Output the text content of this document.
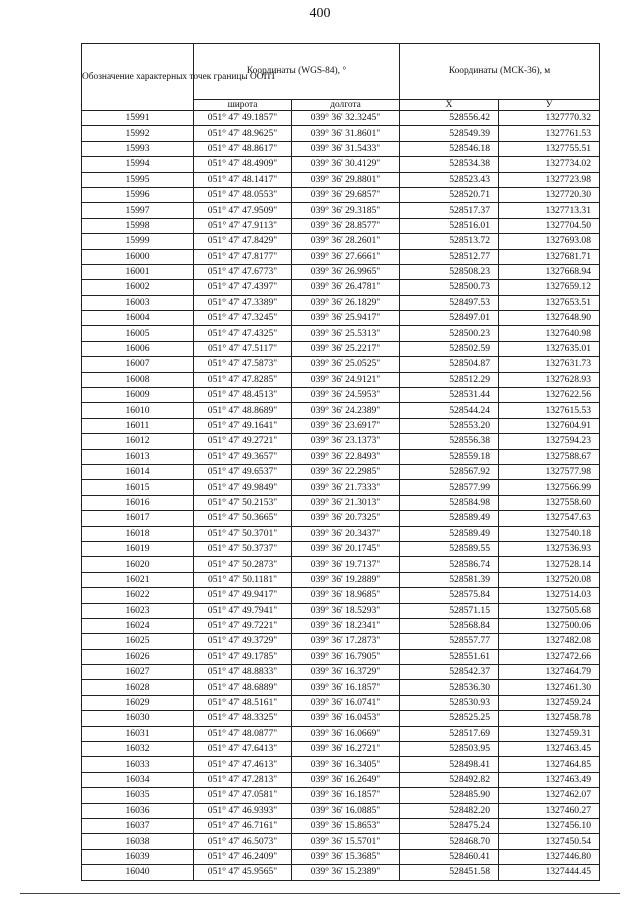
400
Обозначение характерных точек границы ООПТ	Координаты (WGS-84), °		Координаты (МСК-36), м	
	широта	долгота	X	У
15991	051° 47' 49.1857"	039° 36' 32.3245"	528556.42	1327770.32
15992	051° 47' 48.9625"	039° 36' 31.8601"	528549.39	1327761.53
15993	051° 47' 48.8617"	039° 36' 31.5433"	528546.18	1327755.51
15994	051° 47' 48.4909"	039° 36' 30.4129"	528534.38	1327734.02
15995	051° 47' 48.1417"	039° 36' 29.8801"	528523.43	1327723.98
15996	051° 47' 48.0553"	039° 36' 29.6857"	528520.71	1327720.30
15997	051° 47' 47.9509"	039° 36' 29.3185"	528517.37	1327713.31
15998	051° 47' 47.9113"	039° 36' 28.8577"	528516.01	1327704.50
15999	051° 47' 47.8429"	039° 36' 28.2601"	528513.72	1327693.08
16000	051° 47' 47.8177"	039° 36' 27.6661"	528512.77	1327681.71
16001	051° 47' 47.6773"	039° 36' 26.9965"	528508.23	1327668.94
16002	051° 47' 47.4397"	039° 36' 26.4781"	528500.73	1327659.12
16003	051° 47' 47.3389"	039° 36' 26.1829"	528497.53	1327653.51
16004	051° 47' 47.3245"	039° 36' 25.9417"	528497.01	1327648.90
16005	051° 47' 47.4325"	039° 36' 25.5313"	528500.23	1327640.98
16006	051° 47' 47.5117"	039° 36' 25.2217"	528502.59	1327635.01
16007	051° 47' 47.5873"	039° 36' 25.0525"	528504.87	1327631.73
16008	051° 47' 47.8285"	039° 36' 24.9121"	528512.29	1327628.93
16009	051° 47' 48.4513"	039° 36' 24.5953"	528531.44	1327622.56
16010	051° 47' 48.8689"	039° 36' 24.2389"	528544.24	1327615.53
16011	051° 47' 49.1641"	039° 36' 23.6917"	528553.20	1327604.91
16012	051° 47' 49.2721"	039° 36' 23.1373"	528556.38	1327594.23
16013	051° 47' 49.3657"	039° 36' 22.8493"	528559.18	1327588.67
16014	051° 47' 49.6537"	039° 36' 22.2985"	528567.92	1327577.98
16015	051° 47' 49.9849"	039° 36' 21.7333"	528577.99	1327566.99
16016	051° 47' 50.2153"	039° 36' 21.3013"	528584.98	1327558.60
16017	051° 47' 50.3665"	039° 36' 20.7325"	528589.49	1327547.63
16018	051° 47' 50.3701"	039° 36' 20.3437"	528589.49	1327540.18
16019	051° 47' 50.3737"	039° 36' 20.1745"	528589.55	1327536.93
16020	051° 47' 50.2873"	039° 36' 19.7137"	528586.74	1327528.14
16021	051° 47' 50.1181"	039° 36' 19.2889"	528581.39	1327520.08
16022	051° 47' 49.9417"	039° 36' 18.9685"	528575.84	1327514.03
16023	051° 47' 49.7941"	039° 36' 18.5293"	528571.15	1327505.68
16024	051° 47' 49.7221"	039° 36' 18.2341"	528568.84	1327500.06
16025	051° 47' 49.3729"	039° 36' 17.2873"	528557.77	1327482.08
16026	051° 47' 49.1785"	039° 36' 16.7905"	528551.61	1327472.66
16027	051° 47' 48.8833"	039° 36' 16.3729"	528542.37	1327464.79
16028	051° 47' 48.6889"	039° 36' 16.1857"	528536.30	1327461.30
16029	051° 47' 48.5161"	039° 36' 16.0741"	528530.93	1327459.24
16030	051° 47' 48.3325"	039° 36' 16.0453"	528525.25	1327458.78
16031	051° 47' 48.0877"	039° 36' 16.0669"	528517.69	1327459.31
16032	051° 47' 47.6413"	039° 36' 16.2721"	528503.95	1327463.45
16033	051° 47' 47.4613"	039° 36' 16.3405"	528498.41	1327464.85
16034	051° 47' 47.2813"	039° 36' 16.2649"	528492.82	1327463.49
16035	051° 47' 47.0581"	039° 36' 16.1857"	528485.90	1327462.07
16036	051° 47' 46.9393"	039° 36' 16.0885"	528482.20	1327460.27
16037	051° 47' 46.7161"	039° 36' 15.8653"	528475.24	1327456.10
16038	051° 47' 46.5073"	039° 36' 15.5701"	528468.70	1327450.54
16039	051° 47' 46.2409"	039° 36' 15.3685"	528460.41	1327446.80
16040	051° 47' 45.9565"	039° 36' 15.2389"	528451.58	1327444.45
